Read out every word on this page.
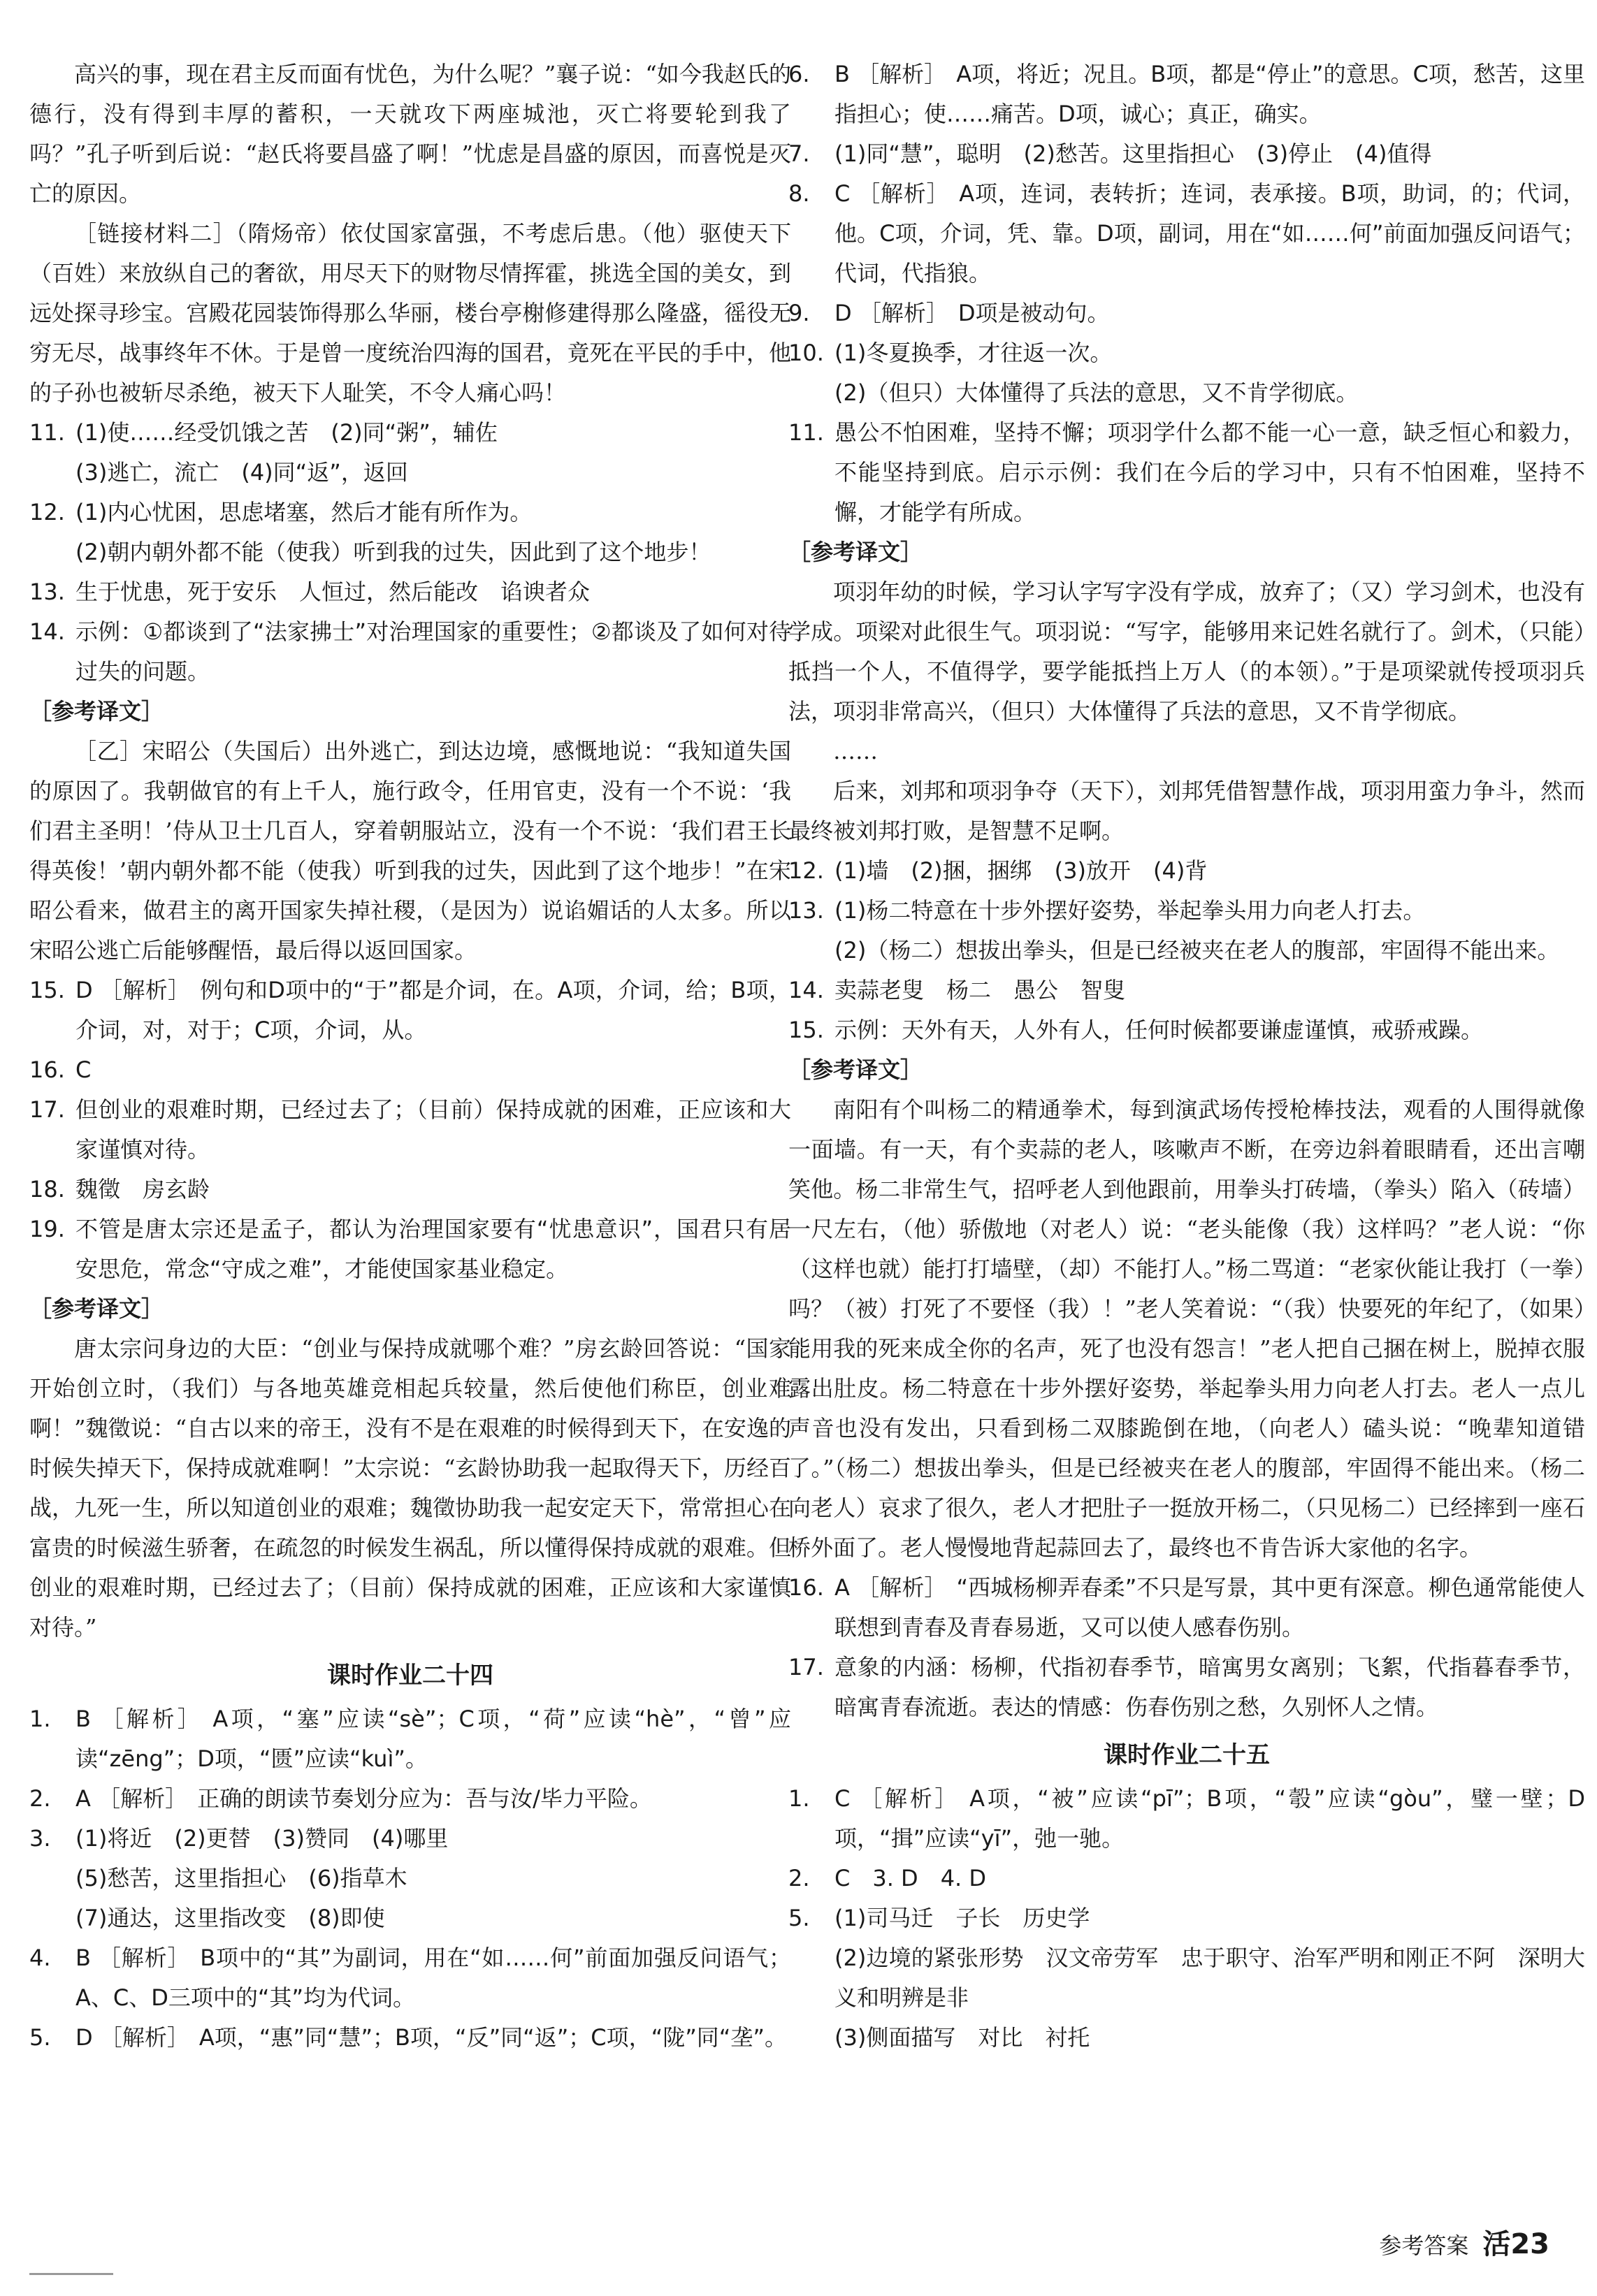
高兴的事，现在君主反而面有忧色，为什么呢？”襄子说：“如今我赵氏的德行，没有得到丰厚的蓄积，一天就攻下两座城池，灭亡将要轮到我了吗？”孔子听到后说：“赵氏将要昌盛了啊！”忧虑是昌盛的原因，而喜悦是灭亡的原因。

［链接材料二］（隋炀帝）依仗国家富强，不考虑后患。（他）驱使天下（百姓）来放纵自己的奢欲，用尽天下的财物尽情挥霍，挑选全国的美女，到远处探寻珍宝。宫殿花园装饰得那么华丽，楼台亭榭修建得那么隆盛，徭役无穷无尽，战事终年不休。于是曾一度统治四海的国君，竟死在平民的手中，他的子孙也被斩尽杀绝，被天下人耻笑，不令人痛心吗！

11. (1)使……经受饥饿之苦　(2)同“粥”，辅佐

(3)逃亡，流亡　(4)同“返”，返回

12. (1)内心忧困，思虑堵塞，然后才能有所作为。

(2)朝内朝外都不能（使我）听到我的过失，因此到了这个地步！

13. 生于忧患，死于安乐　人恒过，然后能改　谄谀者众

14. 示例：①都谈到了“法家拂士”对治理国家的重要性；②都谈及了如何对待过失的问题。

［参考译文］

［乙］宋昭公（失国后）出外逃亡，到达边境，感慨地说：“我知道失国的原因了。我朝做官的有上千人，施行政令，任用官吏，没有一个不说：‘我们君主圣明！’侍从卫士几百人，穿着朝服站立，没有一个不说：‘我们君王长得英俊！’朝内朝外都不能（使我）听到我的过失，因此到了这个地步！”在宋昭公看来，做君主的离开国家失掉社稷，（是因为）说谄媚话的人太多。所以宋昭公逃亡后能够醒悟，最后得以返回国家。

15. D ［解析］ 例句和D项中的“于”都是介词，在。A项，介词，给；B项，介词，对，对于；C项，介词，从。

16. C

17. 但创业的艰难时期，已经过去了；（目前）保持成就的困难，正应该和大家谨慎对待。

18. 魏徵　房玄龄

19. 不管是唐太宗还是孟子，都认为治理国家要有“忧患意识”，国君只有居安思危，常念“守成之难”，才能使国家基业稳定。

［参考译文］

唐太宗问身边的大臣：“创业与保持成就哪个难？”房玄龄回答说：“国家开始创立时，（我们）与各地英雄竞相起兵较量，然后使他们称臣，创业难啊！”魏徵说：“自古以来的帝王，没有不是在艰难的时候得到天下，在安逸的时候失掉天下，保持成就难啊！”太宗说：“玄龄协助我一起取得天下，历经百战，九死一生，所以知道创业的艰难；魏徵协助我一起安定天下，常常担心在富贵的时候滋生骄奢，在疏忽的时候发生祸乱，所以懂得保持成就的艰难。但创业的艰难时期，已经过去了；（目前）保持成就的困难，正应该和大家谨慎对待。”

课时作业二十四

1.	B ［解析］ A项，“塞”应读“sè”；C项，“荷”应读“hè”，“曾”应读“zēng”；D项，“匮”应读“kuì”。

2.	A ［解析］ 正确的朗读节奏划分应为：吾与汝/毕力平险。

3.	(1)将近　(2)更替　(3)赞同　(4)哪里

(5)愁苦，这里指担心　(6)指草木

(7)通达，这里指改变　(8)即使

4.	B ［解析］ B项中的“其”为副词，用在“如……何”前面加强反问语气；A、C、D三项中的“其”均为代词。

5.	D ［解析］ A项，“惠”同“慧”；B项，“反”同“返”；C项，“陇”同“垄”。

6.	B ［解析］ A项，将近；况且。B项，都是“停止”的意思。C项，愁苦，这里指担心；使……痛苦。D项，诚心；真正，确实。

7.	(1)同“慧”，聪明　(2)愁苦。这里指担心　(3)停止　(4)值得

8.	C ［解析］ A项，连词，表转折；连词，表承接。B项，助词，的；代词，他。C项，介词，凭、靠。D项，副词，用在“如……何”前面加强反问语气；代词，代指狼。

9.	D ［解析］ D项是被动句。

10. (1)冬夏换季，才往返一次。

(2)（但只）大体懂得了兵法的意思，又不肯学彻底。

11. 愚公不怕困难，坚持不懈；项羽学什么都不能一心一意，缺乏恒心和毅力，不能坚持到底。启示示例：我们在今后的学习中，只有不怕困难，坚持不懈，才能学有所成。

［参考译文］

项羽年幼的时候，学习认字写字没有学成，放弃了；（又）学习剑术，也没有学成。项梁对此很生气。项羽说：“写字，能够用来记姓名就行了。剑术，（只能）抵挡一个人，不值得学，要学能抵挡上万人（的本领）。”于是项梁就传授项羽兵法，项羽非常高兴，（但只）大体懂得了兵法的意思，又不肯学彻底。

……

后来，刘邦和项羽争夺（天下），刘邦凭借智慧作战，项羽用蛮力争斗，然而最终被刘邦打败，是智慧不足啊。

12. (1)墙　(2)捆，捆绑　(3)放开　(4)背

13. (1)杨二特意在十步外摆好姿势，举起拳头用力向老人打去。

(2)（杨二）想拔出拳头，但是已经被夹在老人的腹部，牢固得不能出来。

14. 卖蒜老叟　杨二　愚公　智叟

15. 示例：天外有天，人外有人，任何时候都要谦虚谨慎，戒骄戒躁。

［参考译文］

南阳有个叫杨二的精通拳术，每到演武场传授枪棒技法，观看的人围得就像一面墙。有一天，有个卖蒜的老人，咳嗽声不断，在旁边斜着眼睛看，还出言嘲笑他。杨二非常生气，招呼老人到他跟前，用拳头打砖墙，（拳头）陷入（砖墙）一尺左右，（他）骄傲地（对老人）说：“老头能像（我）这样吗？”老人说：“你（这样也就）能打打墙壁，（却）不能打人。”杨二骂道：“老家伙能让我打（一拳）吗？（被）打死了不要怪（我）！”老人笑着说：“（我）快要死的年纪了，（如果）能用我的死来成全你的名声，死了也没有怨言！”老人把自己捆在树上，脱掉衣服露出肚皮。杨二特意在十步外摆好姿势，举起拳头用力向老人打去。老人一点儿声音也没有发出，只看到杨二双膝跪倒在地，（向老人）磕头说：“晚辈知道错了。”（杨二）想拔出拳头，但是已经被夹在老人的腹部，牢固得不能出来。（杨二向老人）哀求了很久，老人才把肚子一挺放开杨二，（只见杨二）已经摔到一座石桥外面了。老人慢慢地背起蒜回去了，最终也不肯告诉大家他的名字。

16. A ［解析］ “西城杨柳弄春柔”不只是写景，其中更有深意。柳色通常能使人联想到青春及青春易逝，又可以使人感春伤别。

17. 意象的内涵：杨柳，代指初春季节，暗寓男女离别；飞絮，代指暮春季节，暗寓青春流逝。表达的情感：伤春伤别之愁，久别怀人之情。

课时作业二十五

1.	C ［解析］ A项，“被”应读“pī”；B项，“彀”应读“gòu”，璧一壁；D项，“揖”应读“yī”，弛一驰。

2.	C　3. D　4. D

5.	(1)司马迁　子长　历史学

(2)边境的紧张形势　汉文帝劳军　忠于职守、治军严明和刚正不阿　深明大义和明辨是非

(3)侧面描写　对比　衬托

参考答案 活23
